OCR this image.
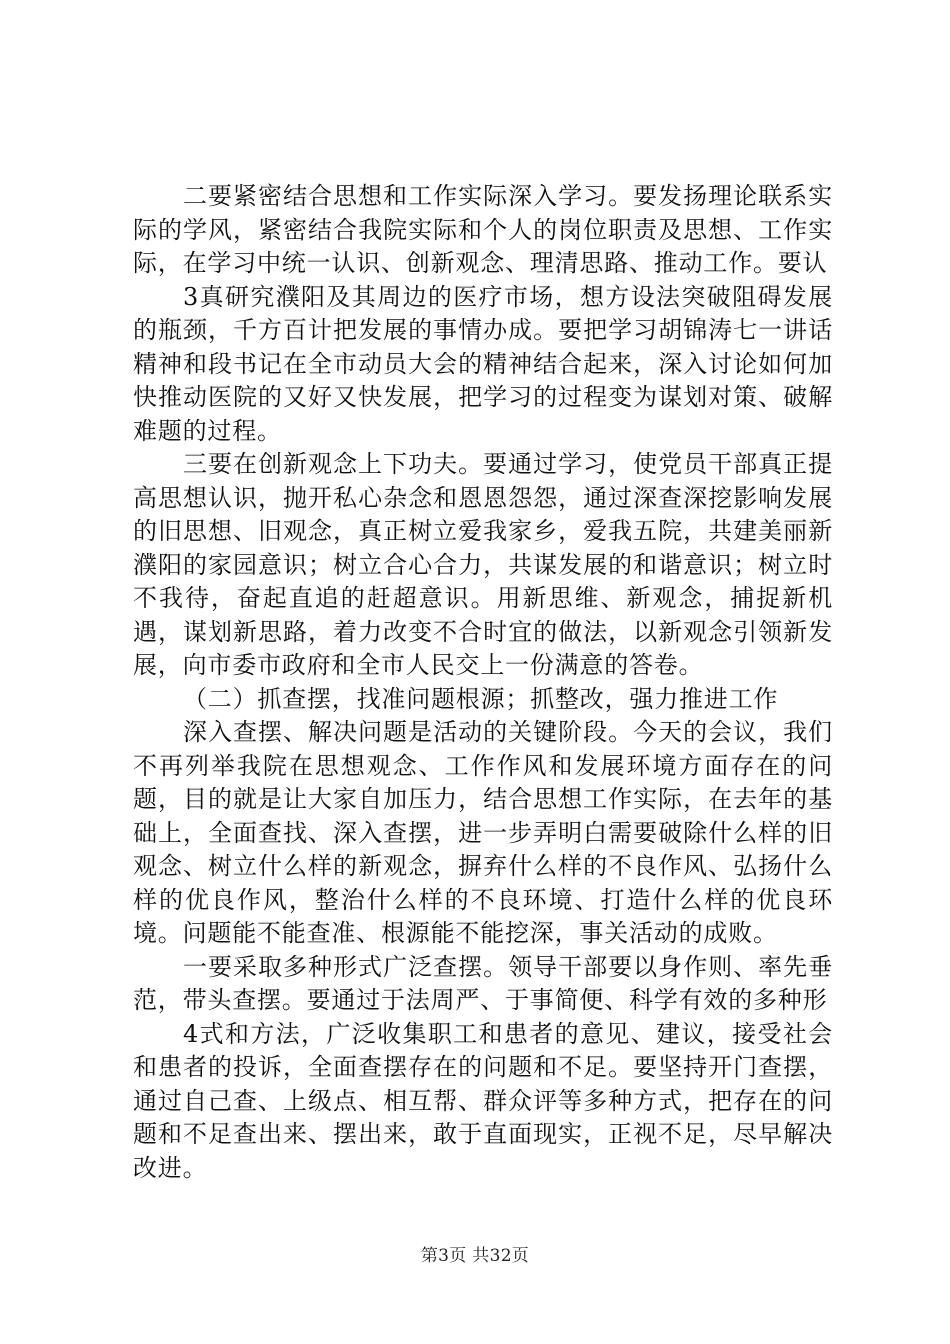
二要紧密结合思想和工作实际深入学习。要发扬理论联系实际的学风，紧密结合我院实际和个人的岗位职责及思想、工作实际，在学习中统一认识、创新观念、理清思路、推动工作。要认

3真研究濮阳及其周边的医疗市场，想方设法突破阻碍发展的瓶颈，千方百计把发展的事情办成。要把学习胡锦涛七一讲话精神和段书记在全市动员大会的精神结合起来，深入讨论如何加快推动医院的又好又快发展，把学习的过程变为谋划对策、破解难题的过程。

三要在创新观念上下功夫。要通过学习，使党员干部真正提高思想认识，抛开私心杂念和恩恩怨怨，通过深查深挖影响发展的旧思想、旧观念，真正树立爱我家乡，爱我五院，共建美丽新濮阳的家园意识；树立合心合力，共谋发展的和谐意识；树立时不我待，奋起直追的赶超意识。用新思维、新观念，捕捉新机遇，谋划新思路，着力改变不合时宜的做法，以新观念引领新发展，向市委市政府和全市人民交上一份满意的答卷。

（二）抓查摆，找准问题根源；抓整改，强力推进工作

深入查摆、解决问题是活动的关键阶段。今天的会议，我们不再列举我院在思想观念、工作作风和发展环境方面存在的问题，目的就是让大家自加压力，结合思想工作实际，在去年的基础上，全面查找、深入查摆，进一步弄明白需要破除什么样的旧观念、树立什么样的新观念，摒弃什么样的不良作风、弘扬什么样的优良作风，整治什么样的不良环境、打造什么样的优良环境。问题能不能查准、根源能不能挖深，事关活动的成败。

一要采取多种形式广泛查摆。领导干部要以身作则、率先垂范，带头查摆。要通过于法周严、于事简便、科学有效的多种形

4式和方法，广泛收集职工和患者的意见、建议，接受社会和患者的投诉，全面查摆存在的问题和不足。要坚持开门查摆，通过自己查、上级点、相互帮、群众评等多种方式，把存在的问题和不足查出来、摆出来，敢于直面现实，正视不足，尽早解决改进。

第3页 共32页
